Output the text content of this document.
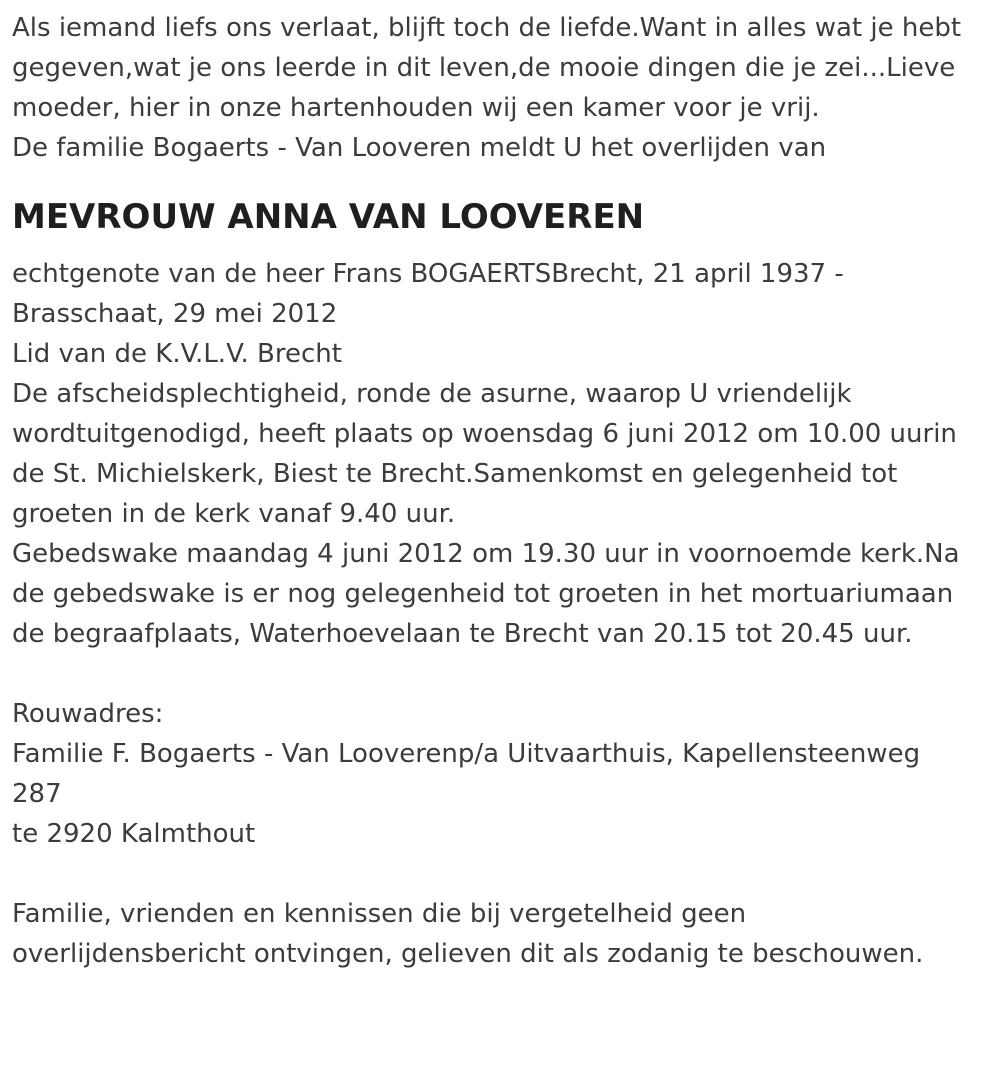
Als iemand liefs ons verlaat, blijft toch de liefde.Want in alles wat je hebt gegeven,wat je ons leerde in dit leven,de mooie dingen die je zei...Lieve moeder, hier in onze hartenhouden wij een kamer voor je vrij.

De familie Bogaerts - Van Looveren meldt U het overlijden van

MEVROUW ANNA VAN LOOVEREN

echtgenote van de heer Frans BOGAERTSBrecht, 21 april 1937 - Brasschaat, 29 mei 2012

Lid van de K.V.L.V. Brecht

De afscheidsplechtigheid, ronde de asurne, waarop U vriendelijk wordtuitgenodigd, heeft plaats op woensdag 6 juni 2012 om 10.00 uurin de St. Michielskerk, Biest te Brecht.Samenkomst en gelegenheid tot groeten in de kerk vanaf 9.40 uur.

Gebedswake maandag 4 juni 2012 om 19.30 uur in voornoemde kerk.Na de gebedswake is er nog gelegenheid tot groeten in het mortuariumaan de begraafplaats, Waterhoevelaan te Brecht van 20.15 tot 20.45 uur.

Rouwadres:

Familie F. Bogaerts - Van Looverenp/a Uitvaarthuis, Kapellensteenweg 287

te 2920 Kalmthout

Familie, vrienden en kennissen die bij vergetelheid geen overlijdensbericht ontvingen, gelieven dit als zodanig te beschouwen.
